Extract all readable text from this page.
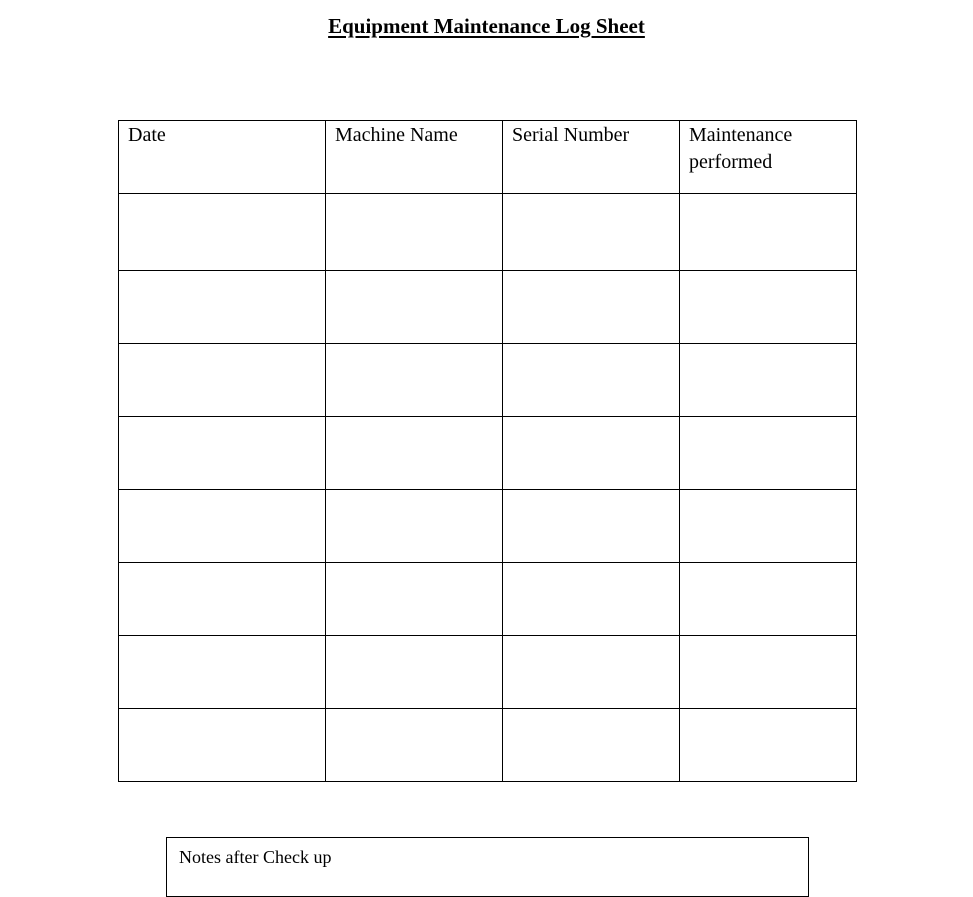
Equipment Maintenance Log Sheet
Date	Machine Name	Serial Number	Maintenance performed

Notes after Check up
